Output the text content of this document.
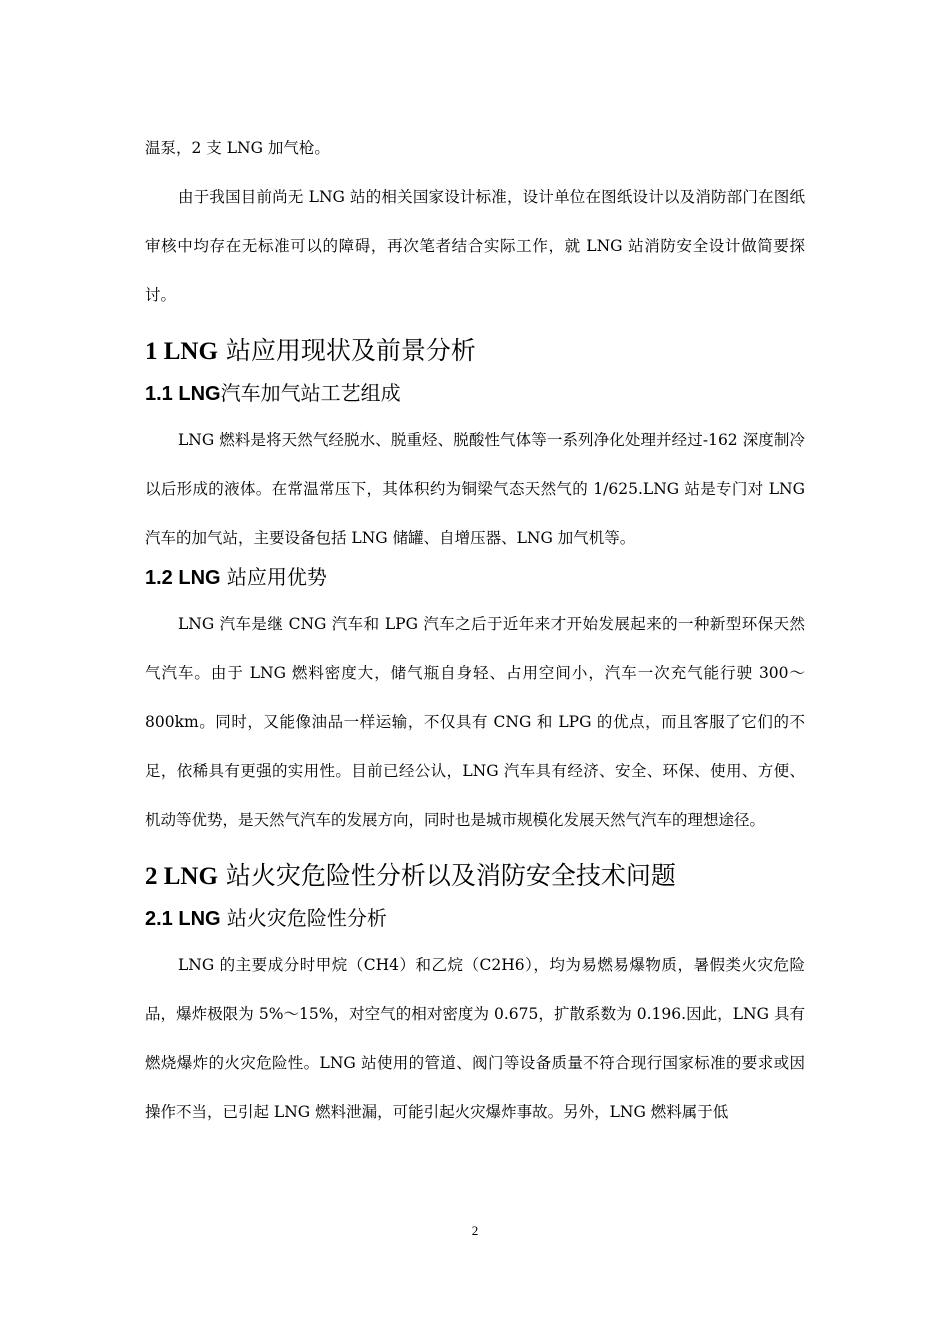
温泵，2 支 LNG 加气枪。

由于我国目前尚无 LNG 站的相关国家设计标准，设计单位在图纸设计以及消防部门在图纸审核中均存在无标准可以的障碍，再次笔者结合实际工作，就 LNG 站消防安全设计做简要探讨。

1 LNG 站应用现状及前景分析
1.1 LNG汽车加气站工艺组成

LNG 燃料是将天然气经脱水、脱重烃、脱酸性气体等一系列净化处理并经过-162 深度制冷以后形成的液体。在常温常压下，其体积约为铜梁气态天然气的 1/625.LNG 站是专门对 LNG 汽车的加气站，主要设备包括 LNG 储罐、自增压器、LNG 加气机等。

1.2 LNG 站应用优势

LNG 汽车是继 CNG 汽车和 LPG 汽车之后于近年来才开始发展起来的一种新型环保天然气汽车。由于 LNG 燃料密度大，储气瓶自身轻、占用空间小，汽车一次充气能行驶 300～800km。同时，又能像油品一样运输，不仅具有 CNG 和 LPG 的优点，而且客服了它们的不足，依稀具有更强的实用性。目前已经公认，LNG 汽车具有经济、安全、环保、使用、方便、机动等优势，是天然气汽车的发展方向，同时也是城市规模化发展天然气汽车的理想途径。

2 LNG 站火灾危险性分析以及消防安全技术问题
2.1 LNG 站火灾危险性分析

LNG 的主要成分时甲烷（CH4）和乙烷（C2H6），均为易燃易爆物质，暑假类火灾危险品，爆炸极限为 5%～15%，对空气的相对密度为 0.675，扩散系数为 0.196.因此，LNG 具有燃烧爆炸的火灾危险性。LNG 站使用的管道、阀门等设备质量不符合现行国家标准的要求或因操作不当，已引起 LNG 燃料泄漏，可能引起火灾爆炸事故。另外，LNG 燃料属于低

2
